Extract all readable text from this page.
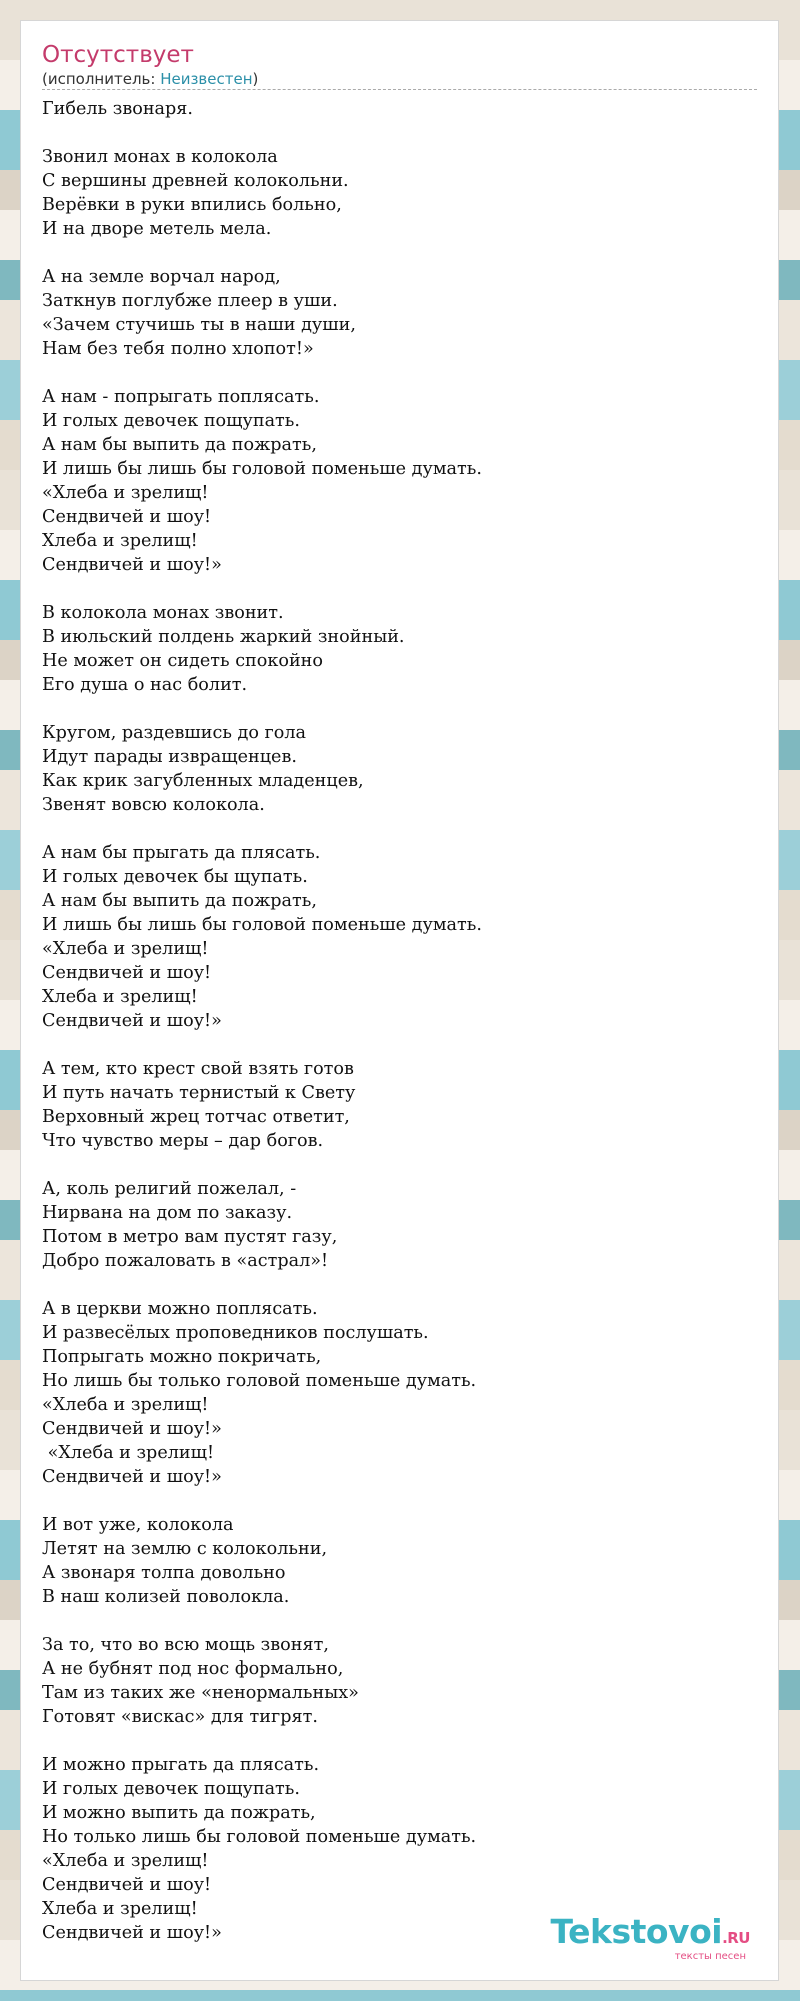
Отсутствует
(исполнитель: Неизвестен)
Гибель звонаря.

Звонил монах в колокола
С вершины древней колокольни.
Верёвки в руки впились больно,
И на дворе метель мела.

А на земле ворчал народ,
Заткнув поглубже плеер в уши.
«Зачем стучишь ты в наши души,
Нам без тебя полно хлопот!»

А нам - попрыгать поплясать.
И голых девочек пощупать.
А нам бы выпить да пожрать,
И лишь бы лишь бы головой поменьше думать.
«Хлеба и зрелищ!
Сендвичей и шоу!
Хлеба и зрелищ!
Сендвичей и шоу!»

В колокола монах звонит.
В июльский полдень жаркий знойный.
Не может он сидеть спокойно
Его душа о нас болит.

Кругом, раздевшись до гола
Идут парады извращенцев.
Как крик загубленных младенцев,
Звенят вовсю колокола.

А нам бы прыгать да плясать.
И голых девочек бы щупать.
А нам бы выпить да пожрать,
И лишь бы лишь бы головой поменьше думать.
«Хлеба и зрелищ!
Сендвичей и шоу!
Хлеба и зрелищ!
Сендвичей и шоу!»

А тем, кто крест свой взять готов
И путь начать тернистый к Свету
Верховный жрец тотчас ответит,
Что чувство меры – дар богов.

А, коль религий пожелал, -
Нирвана на дом по заказу.
Потом в метро вам пустят газу,
Добро пожаловать в «астрал»!

А в церкви можно поплясать.
И развесёлых проповедников послушать.
Попрыгать можно покричать,
Но лишь бы только головой поменьше думать.
«Хлеба и зрелищ!
Сендвичей и шоу!»
«Хлеба и зрелищ!
Сендвичей и шоу!»

И вот уже, колокола
Летят на землю с колокольни,
А звонаря толпа довольно
В наш колизей поволокла.

За то, что во всю мощь звонят,
А не бубнят под нос формально,
Там из таких же «ненормальных»
Готовят «вискас» для тигрят.

И можно прыгать да плясать.
И голых девочек пощупать.
И можно выпить да пожрать,
Но только лишь бы головой поменьше думать.
«Хлеба и зрелищ!
Сендвичей и шоу!
Хлеба и зрелищ!
Сендвичей и шоу!»	Tekstovoi.RU
тексты песен
